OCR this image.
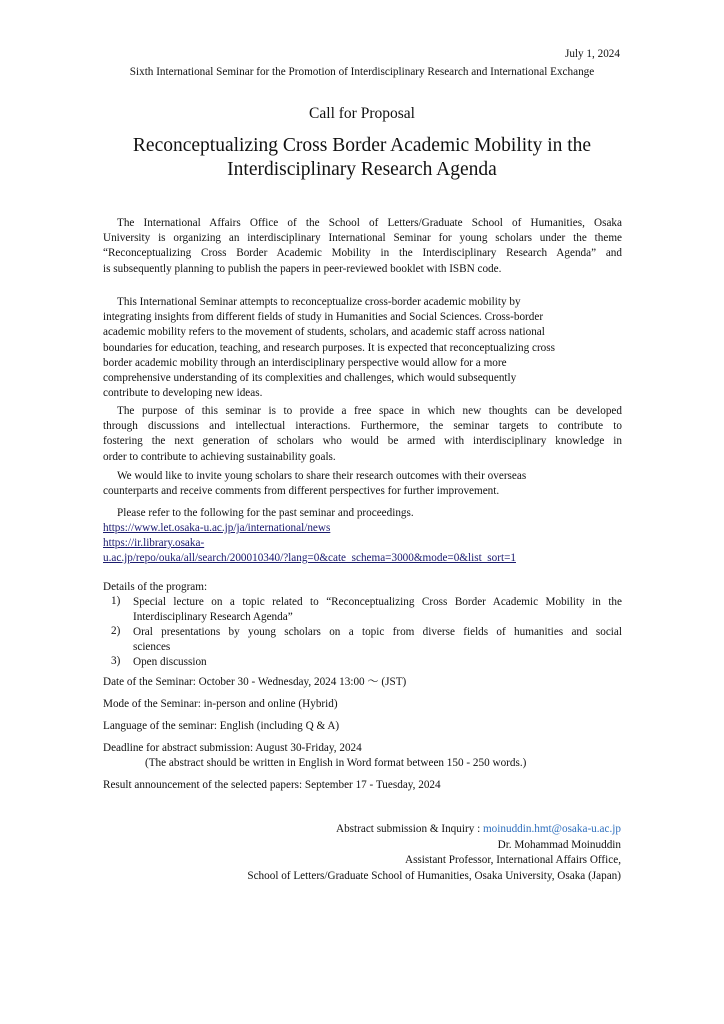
July 1, 2024
Sixth International Seminar for the Promotion of Interdisciplinary Research and International Exchange
Call for Proposal
Reconceptualizing Cross Border Academic Mobility in the
Interdisciplinary Research Agenda
The International Affairs Office of the School of Letters/Graduate School of Humanities, Osaka
University is organizing an interdisciplinary International Seminar for young scholars under the theme
“Reconceptualizing Cross Border Academic Mobility in the Interdisciplinary Research Agenda” and
is subsequently planning to publish the papers in peer-reviewed booklet with ISBN code.
This International Seminar attempts to reconceptualize cross-border academic mobility by
integrating insights from different fields of study in Humanities and Social Sciences. Cross-border
academic mobility refers to the movement of students, scholars, and academic staff across national
boundaries for education, teaching, and research purposes. It is expected that reconceptualizing cross
border academic mobility through an interdisciplinary perspective would allow for a more
comprehensive understanding of its complexities and challenges, which would subsequently
contribute to developing new ideas.
The purpose of this seminar is to provide a free space in which new thoughts can be developed
through discussions and intellectual interactions. Furthermore, the seminar targets to contribute to
fostering the next generation of scholars who would be armed with interdisciplinary knowledge in
order to contribute to achieving sustainability goals.
We would like to invite young scholars to share their research outcomes with their overseas
counterparts and receive comments from different perspectives for further improvement.
Please refer to the following for the past seminar and proceedings.
https://www.let.osaka-u.ac.jp/ja/international/news
https://ir.library.osaka-
u.ac.jp/repo/ouka/all/search/200010340/?lang=0&cate_schema=3000&mode=0&list_sort=1
Details of the program:
1) Special lecture on a topic related to “Reconceptualizing Cross Border Academic Mobility in the
Interdisciplinary Research Agenda”
2) Oral presentations by young scholars on a topic from diverse fields of humanities and social
sciences
3) Open discussion
Date of the Seminar: October 30 - Wednesday, 2024 13:00 ～ (JST)
Mode of the Seminar: in-person and online (Hybrid)
Language of the seminar: English (including Q & A)
Deadline for abstract submission: August 30-Friday, 2024
(The abstract should be written in English in Word format between 150 - 250 words.)
Result announcement of the selected papers: September 17 - Tuesday, 2024
Abstract submission & Inquiry : moinuddin.hmt@osaka-u.ac.jp
Dr. Mohammad Moinuddin
Assistant Professor, International Affairs Office,
School of Letters/Graduate School of Humanities, Osaka University, Osaka (Japan)
